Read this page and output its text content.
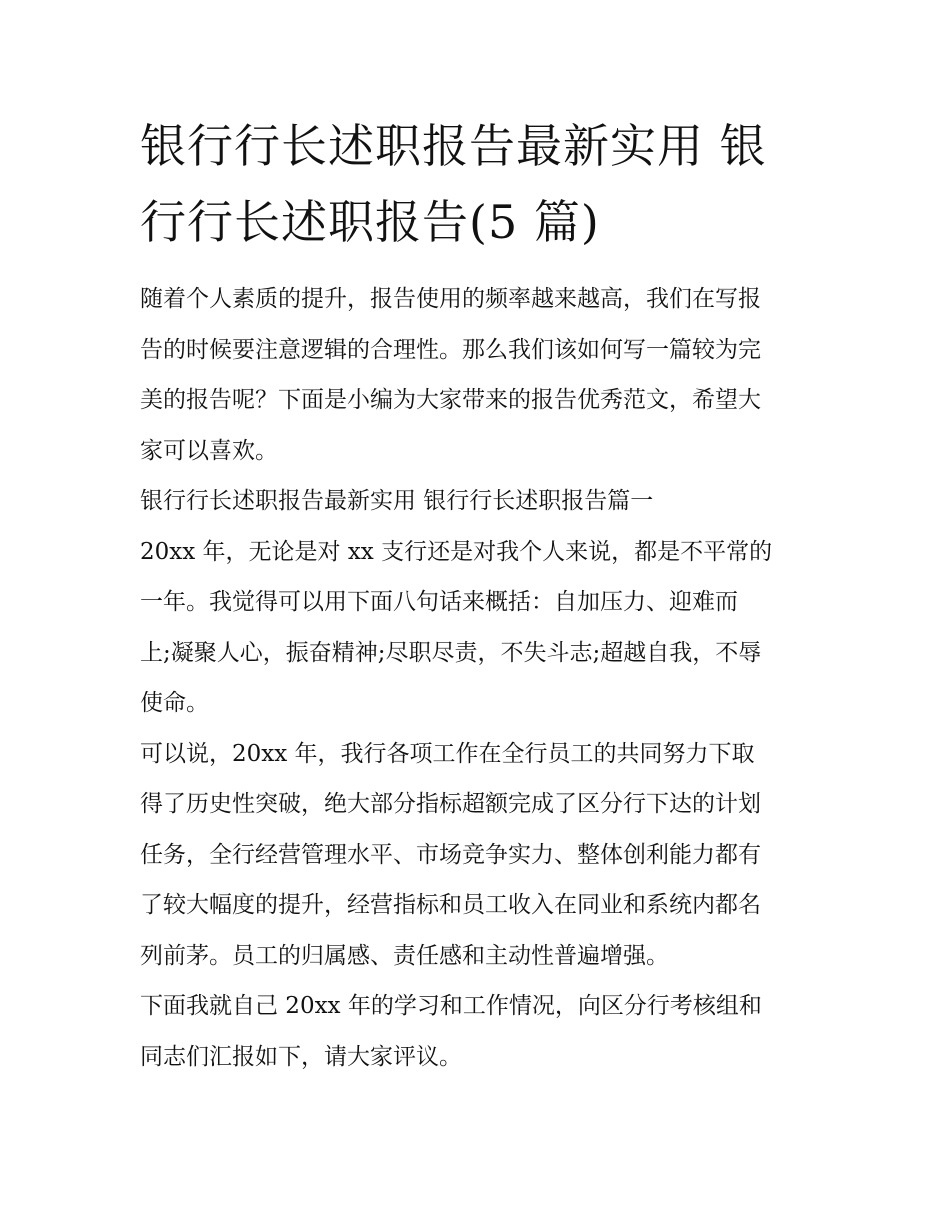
银行行长述职报告最新实用 银
行行长述职报告(5 篇)
随着个人素质的提升，报告使用的频率越来越高，我们在写报
告的时候要注意逻辑的合理性。那么我们该如何写一篇较为完
美的报告呢？下面是小编为大家带来的报告优秀范文，希望大
家可以喜欢。
银行行长述职报告最新实用 银行行长述职报告篇一
20xx 年，无论是对 xx 支行还是对我个人来说，都是不平常的
一年。我觉得可以用下面八句话来概括：自加压力、迎难而
上;凝聚人心，振奋精神;尽职尽责，不失斗志;超越自我，不辱
使命。
可以说，20xx 年，我行各项工作在全行员工的共同努力下取
得了历史性突破，绝大部分指标超额完成了区分行下达的计划
任务，全行经营管理水平、市场竞争实力、整体创利能力都有
了较大幅度的提升，经营指标和员工收入在同业和系统内都名
列前茅。员工的归属感、责任感和主动性普遍增强。
下面我就自己 20xx 年的学习和工作情况，向区分行考核组和
同志们汇报如下，请大家评议。
